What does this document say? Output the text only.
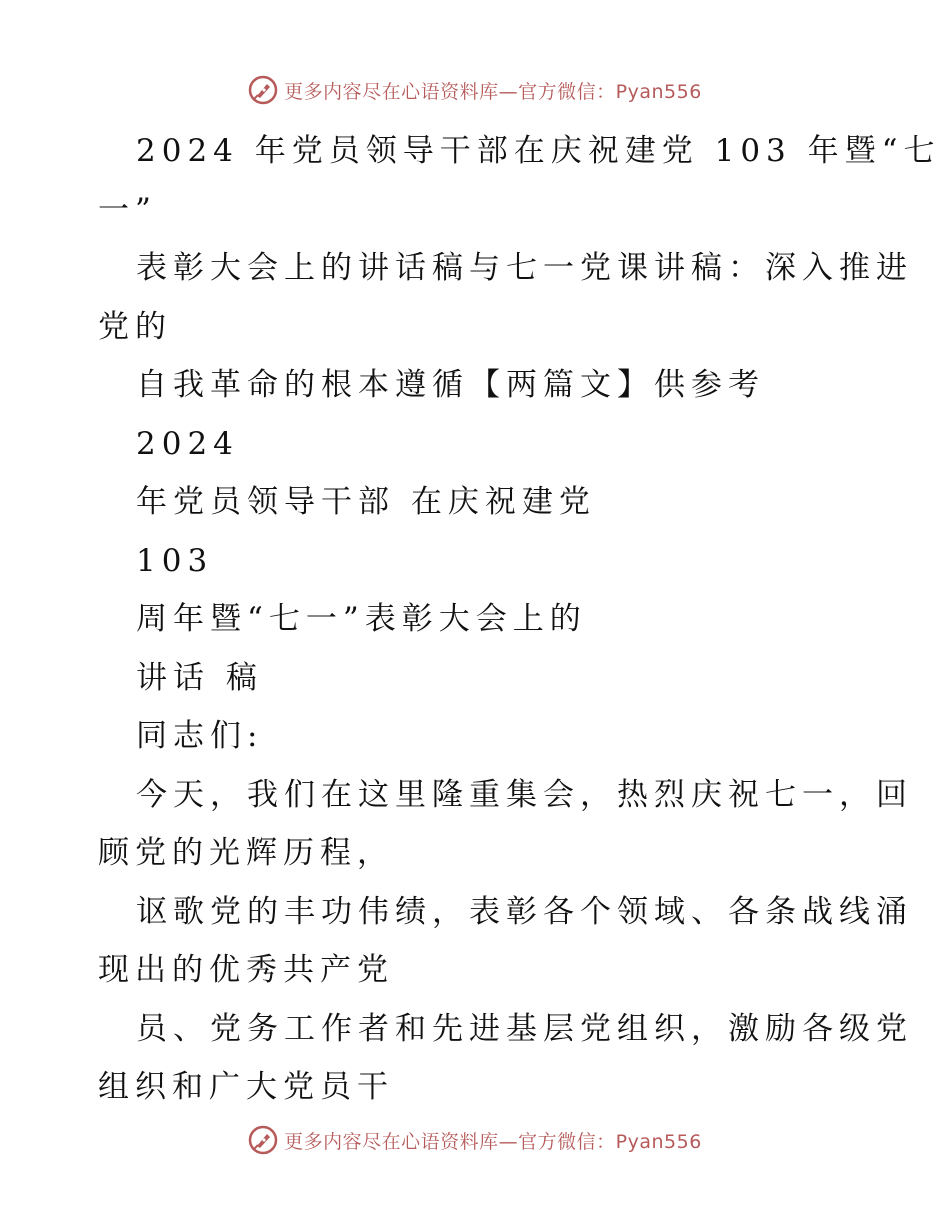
更多内容尽在心语资料库—官方微信：Pyan556
2024 年党员领导干部在庆祝建党 103 年暨“七
一”
表彰大会上的讲话稿与七一党课讲稿：深入推进
党的
自我革命的根本遵循【两篇文】供参考
2024
年党员领导干部 在庆祝建党
103
周年暨“七一”表彰大会上的
讲话 稿
同志们:
今天，我们在这里隆重集会，热烈庆祝七一，回
顾党的光辉历程，
讴歌党的丰功伟绩，表彰各个领域、各条战线涌
现出的优秀共产党
员、党务工作者和先进基层党组织，激励各级党
组织和广大党员干
更多内容尽在心语资料库—官方微信：Pyan556
